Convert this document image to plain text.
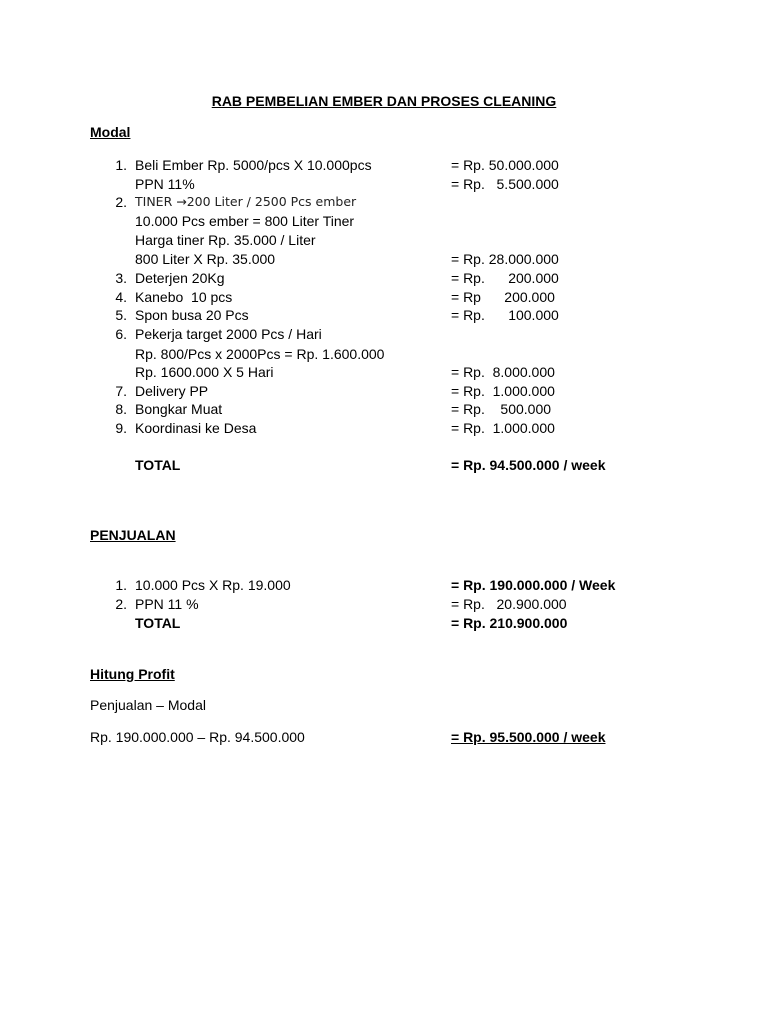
RAB PEMBELIAN EMBER DAN PROSES CLEANING
Modal
1. Beli Ember Rp. 5000/pcs X 10.000pcs	= Rp. 50.000.000
PPN 11%	= Rp.   5.500.000
2. TINER →200 Liter / 2500 Pcs ember
10.000 Pcs ember = 800 Liter Tiner
Harga tiner Rp. 35.000 / Liter
800 Liter X Rp. 35.000	= Rp. 28.000.000
3. Deterjen 20Kg	= Rp.      200.000
4. Kanebo  10 pcs	= Rp      200.000
5. Spon busa 20 Pcs	= Rp.      100.000
6. Pekerja target 2000 Pcs / Hari
Rp. 800/Pcs x 2000Pcs = Rp. 1.600.000
Rp. 1600.000 X 5 Hari	= Rp.  8.000.000
7. Delivery PP	= Rp.  1.000.000
8. Bongkar Muat	= Rp.    500.000
9. Koordinasi ke Desa	= Rp.  1.000.000
TOTAL	= Rp. 94.500.000 / week
PENJUALAN
1. 10.000 Pcs X Rp. 19.000	= Rp. 190.000.000 / Week
2. PPN 11 %	= Rp.   20.900.000
TOTAL	= Rp. 210.900.000
Hitung Profit
Penjualan – Modal
Rp. 190.000.000 – Rp. 94.500.000	= Rp. 95.500.000 / week
